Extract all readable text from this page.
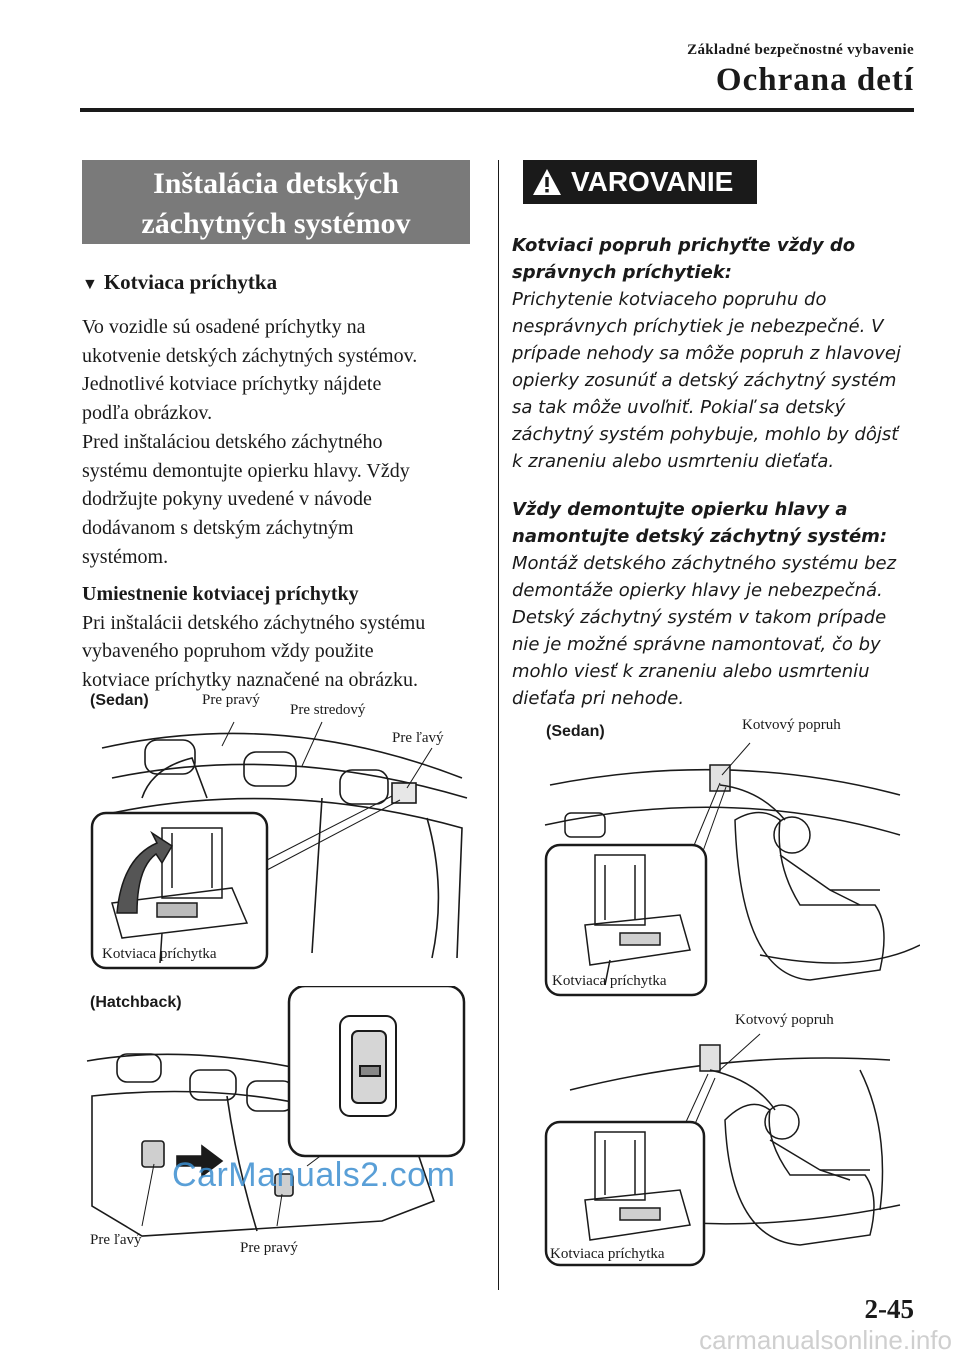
Základné bezpečnostné vybavenie
Ochrana detí
Inštalácia detských
záchytných systémov
▼ Kotviaca príchytka
Vo vozidle sú osadené príchytky na
ukotvenie detských záchytných systémov.
Jednotlivé kotviace príchytky nájdete
podľa obrázkov.
Pred inštaláciou detského záchytného
systému demontujte opierku hlavy. Vždy
dodržujte pokyny uvedené v návode
dodávanom s detským záchytným
systémom.
Umiestnenie kotviacej príchytky
Pri inštalácii detského záchytného systému
vybaveného popruhom vždy použite
kotviace príchytky naznačené na obrázku.
(Sedan)	Pre pravý
Pre stredový
Pre ľavý
Kotviaca príchytka
(Hatchback)
Pre ľavý	Pre pravý
CarManuals2.com
VAROVANIE
Kotviaci popruh prichyťte vždy do
správnych príchytiek:
Prichytenie kotviaceho popruhu do
nesprávnych príchytiek je nebezpečné. V
prípade nehody sa môže popruh z hlavovej
opierky zosunúť a detský záchytný systém
sa tak môže uvoľniť. Pokiaľ sa detský
záchytný systém pohybuje, mohlo by dôjsť
k zraneniu alebo usmrteniu dieťaťa.
Vždy demontujte opierku hlavy a
namontujte detský záchytný systém:
Montáž detského záchytného systému bez
demontáže opierky hlavy je nebezpečná.
Detský záchytný systém v takom prípade
nie je možné správne namontovať, čo by
mohlo viesť k zraneniu alebo usmrteniu
dieťaťa pri nehode.
(Sedan)	Kotvový popruh
Kotviaca príchytka
Kotvový popruh
Kotviaca príchytka
2-45
carmanualsonline.info
